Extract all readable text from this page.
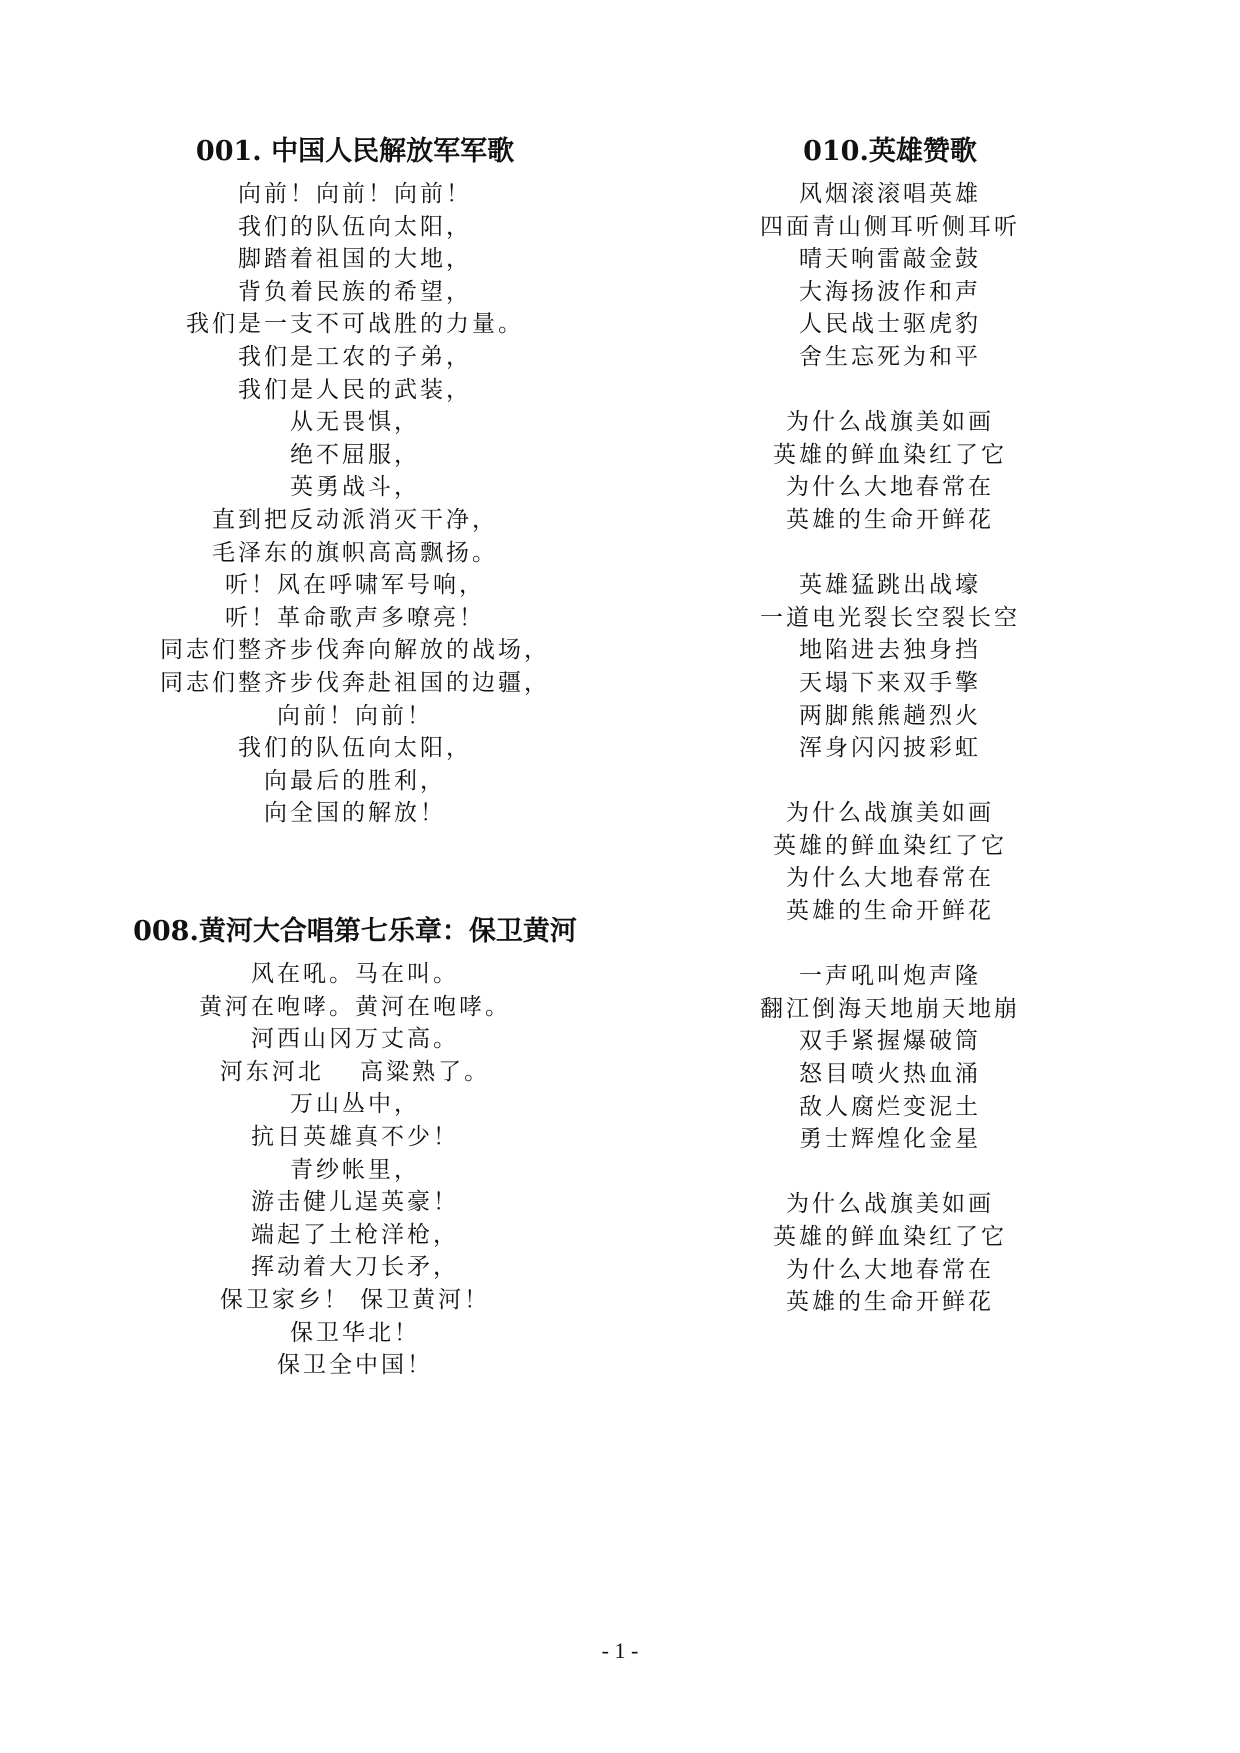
001. 中国人民解放军军歌
向前！向前！向前！
我们的队伍向太阳，
脚踏着祖国的大地，
背负着民族的希望，
我们是一支不可战胜的力量。
我们是工农的子弟，
我们是人民的武装，
从无畏惧，
绝不屈服，
英勇战斗，
直到把反动派消灭干净，
毛泽东的旗帜高高飘扬。
听！风在呼啸军号响，
听！革命歌声多嘹亮！
同志们整齐步伐奔向解放的战场，
同志们整齐步伐奔赴祖国的边疆，
向前！向前！
我们的队伍向太阳，
向最后的胜利，
向全国的解放！
008.黄河大合唱第七乐章：保卫黄河
风在吼。马在叫。
黄河在咆哮。黄河在咆哮。
河西山冈万丈高。
河东河北　 高粱熟了。
万山丛中，
抗日英雄真不少！
青纱帐里，
游击健儿逞英豪！
端起了土枪洋枪，
挥动着大刀长矛，
保卫家乡！ 保卫黄河！
保卫华北！
保卫全中国！
010.英雄赞歌
风烟滚滚唱英雄
四面青山侧耳听侧耳听
晴天响雷敲金鼓
大海扬波作和声
人民战士驱虎豹
舍生忘死为和平
为什么战旗美如画
英雄的鲜血染红了它
为什么大地春常在
英雄的生命开鲜花
英雄猛跳出战壕
一道电光裂长空裂长空
地陷进去独身挡
天塌下来双手擎
两脚熊熊趟烈火
浑身闪闪披彩虹
为什么战旗美如画
英雄的鲜血染红了它
为什么大地春常在
英雄的生命开鲜花
一声吼叫炮声隆
翻江倒海天地崩天地崩
双手紧握爆破筒
怒目喷火热血涌
敌人腐烂变泥土
勇士辉煌化金星
为什么战旗美如画
英雄的鲜血染红了它
为什么大地春常在
英雄的生命开鲜花
- 1 -
